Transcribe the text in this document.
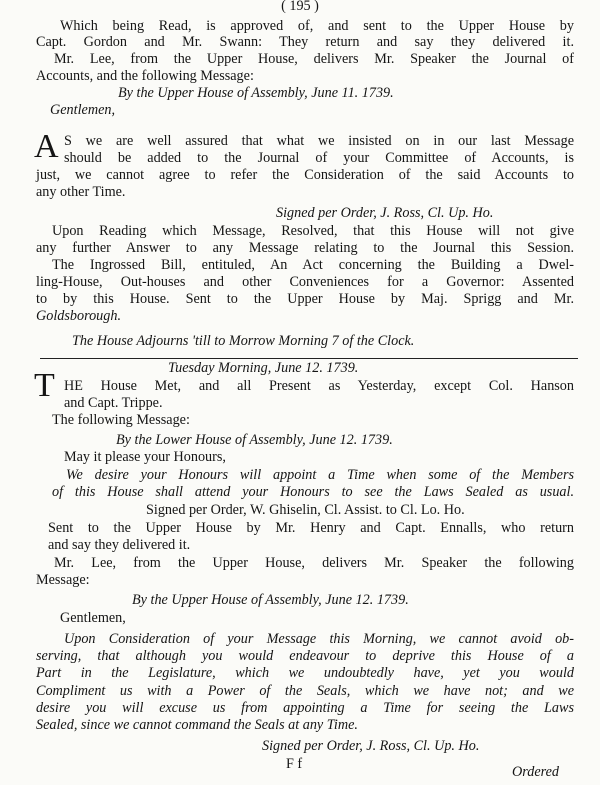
( 195 )
Which being Read, is approved of, and sent to the Upper House by
Capt. Gordon and Mr. Swann: They return and say they delivered it.
Mr. Lee, from the Upper House, delivers Mr. Speaker the Journal of
Accounts, and the following Message:
By the Upper House of Assembly, June 11. 1739.
Gentlemen,
A S we are well assured that what we insisted on in our last Message
should be added to the Journal of your Committee of Accounts, is
just, we cannot agree to refer the Consideration of the said Accounts to
any other Time.
Signed per Order, J. Ross, Cl. Up. Ho.
Upon Reading which Message, Resolved, that this House will not give
any further Answer to any Message relating to the Journal this Session.
The Ingrossed Bill, entituled, An Act concerning the Building a Dwel-
ling-House, Out-houses and other Conveniences for a Governor: Assented
to by this House. Sent to the Upper House by Maj. Sprigg and Mr.
Goldsborough.
The House Adjourns 'till to Morrow Morning 7 of the Clock.
Tuesday Morning, June 12. 1739.
T HE House Met, and all Present as Yesterday, except Col. Hanson
and Capt. Trippe.
The following Message:
By the Lower House of Assembly, June 12. 1739.
May it please your Honours,
We desire your Honours will appoint a Time when some of the Members
of this House shall attend your Honours to see the Laws Sealed as usual.
Signed per Order, W. Ghiselin, Cl. Assist. to Cl. Lo. Ho.
Sent to the Upper House by Mr. Henry and Capt. Ennalls, who return
and say they delivered it.
Mr. Lee, from the Upper House, delivers Mr. Speaker the following
Message:
By the Upper House of Assembly, June 12. 1739.
Gentlemen,
Upon Consideration of your Message this Morning, we cannot avoid ob-
serving, that although you would endeavour to deprive this House of a
Part in the Legislature, which we undoubtedly have, yet you would
Compliment us with a Power of the Seals, which we have not; and we
desire you will excuse us from appointing a Time for seeing the Laws
Sealed, since we cannot command the Seals at any Time.
Signed per Order, J. Ross, Cl. Up. Ho.
F f	Ordered
